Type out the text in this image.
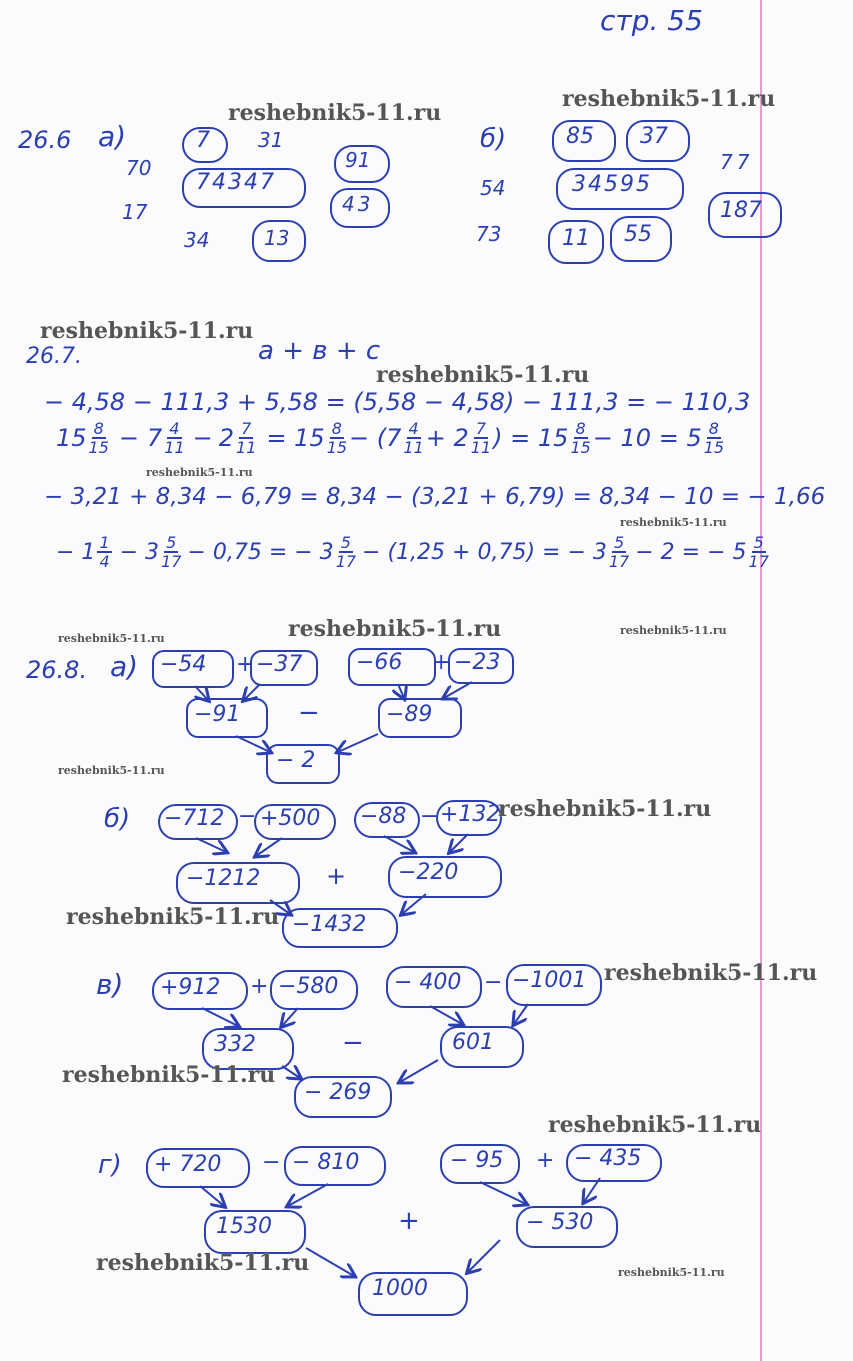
стр. 55
26.6 а)
reshebnik5-11.ru
70
7 31
91
74347
17	43
34	13
reshebnik5-11.ru
б)	85 37
77
54	34595
187
73	11 55
reshebnik5-11.ru
26.7.	a + в + c
reshebnik5-11.ru
− 4,58 − 111,3 + 5,58 = (5,58 − 4,58) − 111,3 = − 110,3
$15 \frac{8}{15} - 7 \frac{4}{11} - 2 \frac{7}{11} = 15 \frac{8}{15} - (7 \frac{4}{11} + 2 \frac{7}{11}$ ) = $15 \frac{8}{15} - 10 = 5 \frac{8}{15}$
reshebnik5-11.ru
− 3,21 + 8,34 − 6,79 = 8,34 − (3,21 + 6,79) = 8,34 − 10 = − 1,66
reshebnik5-11.ru
− $1 \frac{1}{4} - 3 \frac{5}{17} - 0,75$ = − $3 \frac{5}{17} - (1,25 + 0,75)$ = − $3 \frac{5}{17} - 2$ = − $5 \frac{5}{17}$
reshebnik5-11.ru	reshebnik5-11.ru	reshebnik5-11.ru
26.8. а) −54 + −37 −66 + −23
−91 −	−89
− 2
reshebnik5-11.ru
б) −712 − +500 −88 − +132
reshebnik5-11.ru
−1212	+ −220
reshebnik5-11.ru −1432
в) +912 + −580	− 400 − −1001 reshebnik5-11.ru
332	−	601
reshebnik5-11.ru
− 269
reshebnik5-11.ru
г) + 720 − − 810	− 95 + − 435
1530	+	− 530
reshebnik5-11.ru
1000
reshebnik5-11.ru
